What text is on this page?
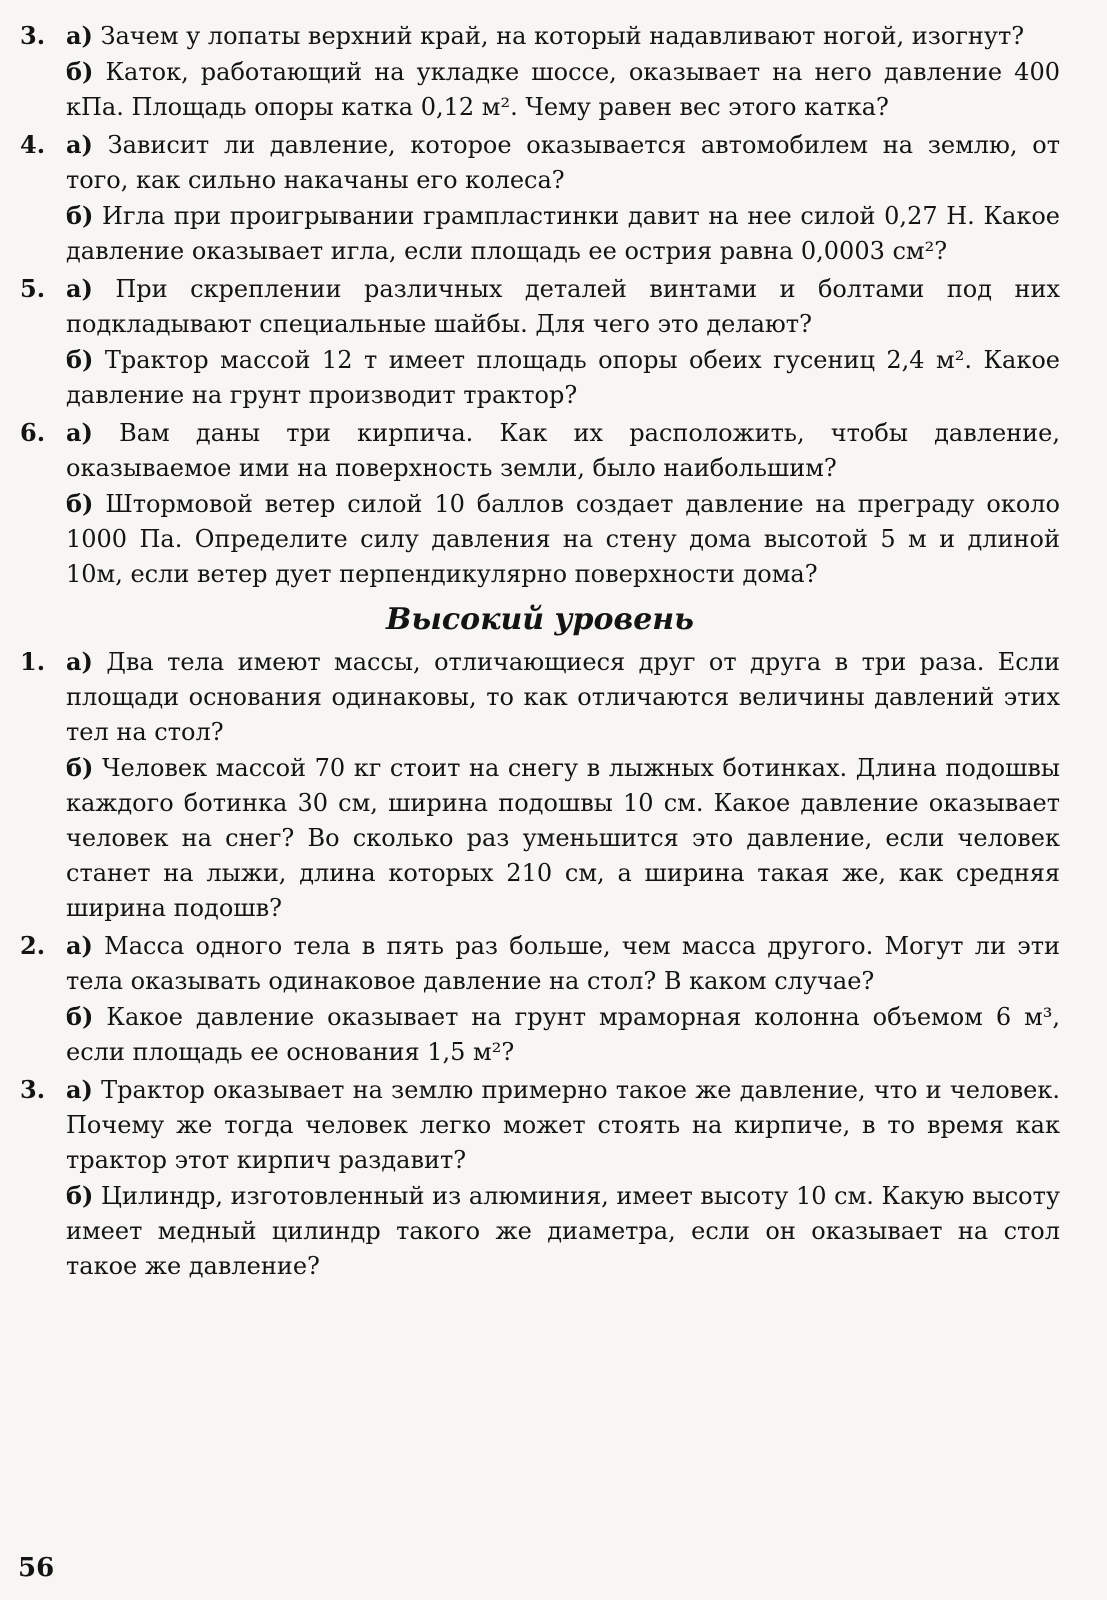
3. а) Зачем у лопаты верхний край, на который надавливают ногой, изогнут?
б) Каток, работающий на укладке шоссе, оказывает на него давление 400 кПа. Площадь опоры катка 0,12 м². Чему равен вес этого катка?
4. а) Зависит ли давление, которое оказывается автомобилем на землю, от того, как сильно накачаны его колеса?
б) Игла при проигрывании грампластинки давит на нее силой 0,27 Н. Какое давление оказывает игла, если площадь ее острия равна 0,0003 см²?
5. а) При скреплении различных деталей винтами и болтами под них подкладывают специальные шайбы. Для чего это делают?
б) Трактор массой 12 т имеет площадь опоры обеих гусениц 2,4 м². Какое давление на грунт производит трактор?
6. а) Вам даны три кирпича. Как их расположить, чтобы давление, оказываемое ими на поверхность земли, было наибольшим?
б) Штормовой ветер силой 10 баллов создает давление на преграду около 1000 Па. Определите силу давления на стену дома высотой 5 м и длиной 10м, если ветер дует перпендикулярно поверхности дома?
Высокий уровень
1. а) Два тела имеют массы, отличающиеся друг от друга в три раза. Если площади основания одинаковы, то как отличаются величины давлений этих тел на стол?
б) Человек массой 70 кг стоит на снегу в лыжных ботинках. Длина подошвы каждого ботинка 30 см, ширина подошвы 10 см. Какое давление оказывает человек на снег? Во сколько раз уменьшится это давление, если человек станет на лыжи, длина которых 210 см, а ширина такая же, как средняя ширина подошв?
2. а) Масса одного тела в пять раз больше, чем масса другого. Могут ли эти тела оказывать одинаковое давление на стол? В каком случае?
б) Какое давление оказывает на грунт мраморная колонна объемом 6 м³, если площадь ее основания 1,5 м²?
3. а) Трактор оказывает на землю примерно такое же давление, что и человек. Почему же тогда человек легко может стоять на кирпиче, в то время как трактор этот кирпич раздавит?
б) Цилиндр, изготовленный из алюминия, имеет высоту 10 см. Какую высоту имеет медный цилиндр такого же диаметра, если он оказывает на стол такое же давление?
56
